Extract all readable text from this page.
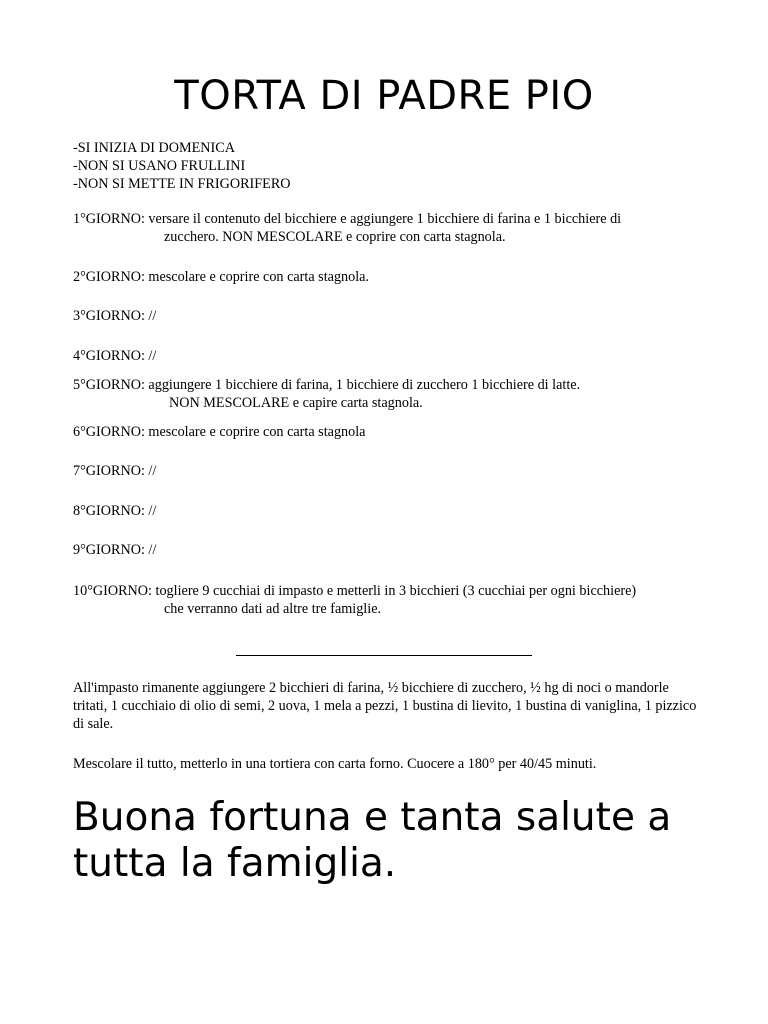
TORTA DI PADRE PIO
-SI INIZIA DI DOMENICA
-NON SI USANO FRULLINI
-NON SI METTE IN FRIGORIFERO
1°GIORNO: versare il contenuto del bicchiere e aggiungere 1 bicchiere di farina e 1 bicchiere di
zucchero. NON MESCOLARE e coprire con carta stagnola.
2°GIORNO: mescolare e coprire con carta stagnola.
3°GIORNO: //
4°GIORNO: //
5°GIORNO: aggiungere 1 bicchiere di farina, 1 bicchiere di zucchero 1 bicchiere di latte.
NON MESCOLARE e capire carta stagnola.
6°GIORNO: mescolare e coprire con carta stagnola
7°GIORNO: //
8°GIORNO: //
9°GIORNO: //
10°GIORNO: togliere 9 cucchiai di impasto e metterli in 3 bicchieri (3 cucchiai per ogni bicchiere)
che verranno dati ad altre tre famiglie.
All'impasto rimanente aggiungere 2 bicchieri di farina, ½ bicchiere di zucchero, ½ hg di noci o mandorle tritati, 1 cucchiaio di olio di semi, 2 uova, 1 mela a pezzi, 1 bustina di lievito, 1 bustina di vaniglina, 1 pizzico di sale.
Mescolare il tutto, metterlo in una tortiera con carta forno. Cuocere a 180° per 40/45 minuti.
Buona fortuna e tanta salute a tutta la famiglia.
